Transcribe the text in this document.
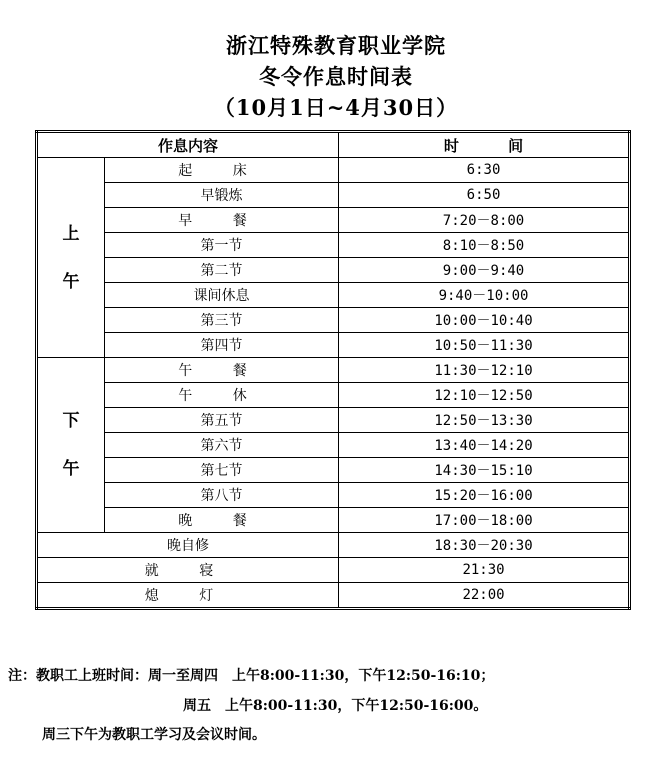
浙江特殊教育职业学院
冬令作息时间表
（10月1日~4月30日）
作息内容		时 间
上

午	起 床	6:30
	早锻炼	6:50
	早 餐	7:20－8:00
	第一节	8:10－8:50
	第二节	9:00－9:40
	课间休息	9:40－10:00
	第三节	10:00－10:40
	第四节	10:50－11:30
下

午	午 餐	11:30－12:10
	午 休	12:10－12:50
	第五节	12:50－13:30
	第六节	13:40－14:20
	第七节	14:30－15:10
	第八节	15:20－16:00
	晚 餐	17:00－18:00
晚自修		18:30－20:30
就 寝		21:30
熄 灯		22:00
注：教职工上班时间：周一至周四　上午8:00-11:30，下午12:50-16:10；
周五　上午8:00-11:30，下午12:50-16:00。
周三下午为教职工学习及会议时间。
